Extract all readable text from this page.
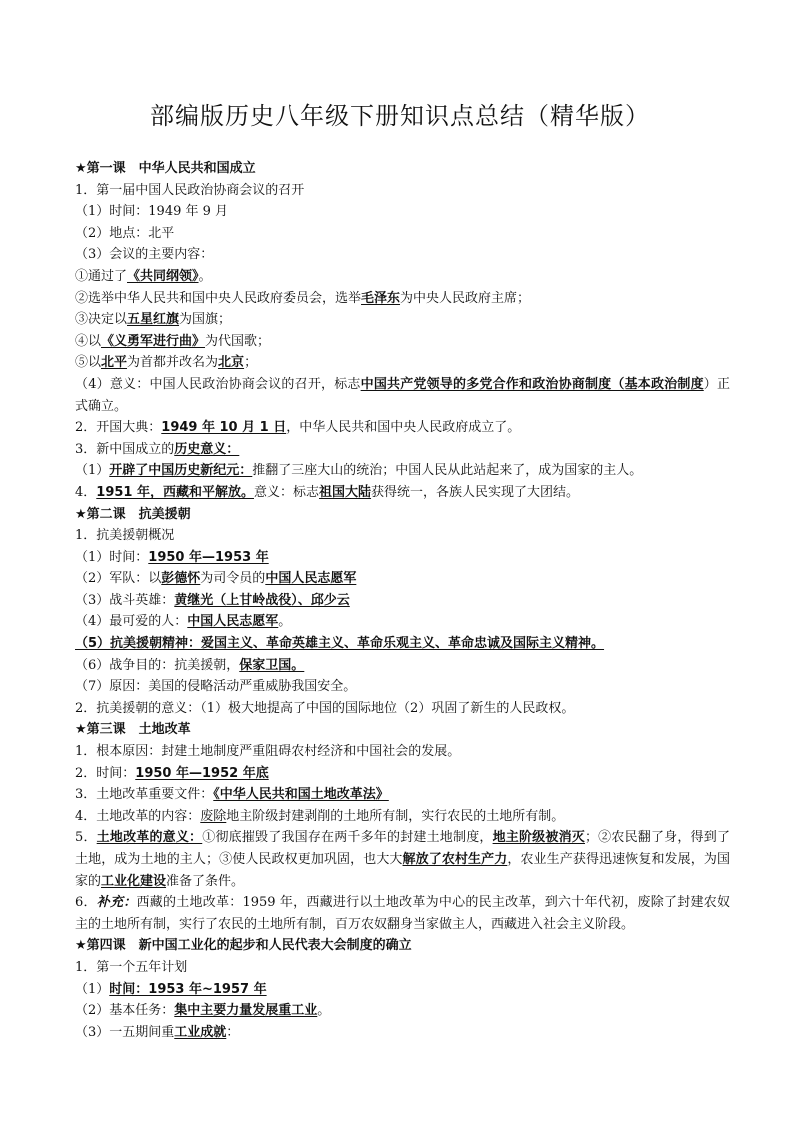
部编版历史八年级下册知识点总结（精华版）
★第一课　中华人民共和国成立
1．第一届中国人民政治协商会议的召开
（1）时间：1949 年 9 月
（2）地点：北平
（3）会议的主要内容：
①通过了《共同纲领》。
②选举中华人民共和国中央人民政府委员会，选举毛泽东为中央人民政府主席；
③决定以五星红旗为国旗；
④以《义勇军进行曲》为代国歌；
⑤以北平为首都并改名为北京；
（4）意义：中国人民政治协商会议的召开，标志中国共产党领导的多党合作和政治协商制度（基本政治制度）正式确立。
2．开国大典：1949 年 10 月 1 日，中华人民共和国中央人民政府成立了。
3．新中国成立的历史意义：
（1）开辟了中国历史新纪元：推翻了三座大山的统治；中国人民从此站起来了，成为国家的主人。
4．1951 年，西藏和平解放。意义：标志祖国大陆获得统一，各族人民实现了大团结。
★第二课　抗美援朝
1．抗美援朝概况
（1）时间：1950 年—1953 年
（2）军队：以彭德怀为司令员的中国人民志愿军
（3）战斗英雄：黄继光（上甘岭战役）、邱少云
（4）最可爱的人：中国人民志愿军。
（5）抗美援朝精神：爱国主义、革命英雄主义、革命乐观主义、革命忠诚及国际主义精神。
（6）战争目的：抗美援朝，保家卫国。
（7）原因：美国的侵略活动严重威胁我国安全。
2．抗美援朝的意义：（1）极大地提高了中国的国际地位（2）巩固了新生的人民政权。
★第三课　土地改革
1．根本原因：封建土地制度严重阻碍农村经济和中国社会的发展。
2．时间：1950 年—1952 年底
3．土地改革重要文件：《中华人民共和国土地改革法》
4．土地改革的内容：废除地主阶级封建剥削的土地所有制，实行农民的土地所有制。
5．土地改革的意义：①彻底摧毁了我国存在两千多年的封建土地制度，地主阶级被消灭；②农民翻了身，得到了土地，成为土地的主人；③使人民政权更加巩固，也大大解放了农村生产力，农业生产获得迅速恢复和发展，为国家的工业化建设准备了条件。
6．补充：西藏的土地改革：1959 年，西藏进行以土地改革为中心的民主改革，到六十年代初，废除了封建农奴主的土地所有制，实行了农民的土地所有制，百万农奴翻身当家做主人，西藏进入社会主义阶段。
★第四课　新中国工业化的起步和人民代表大会制度的确立
1．第一个五年计划
（1）时间：1953 年~1957 年
（2）基本任务：集中主要力量发展重工业。
（3）一五期间重工业成就：
